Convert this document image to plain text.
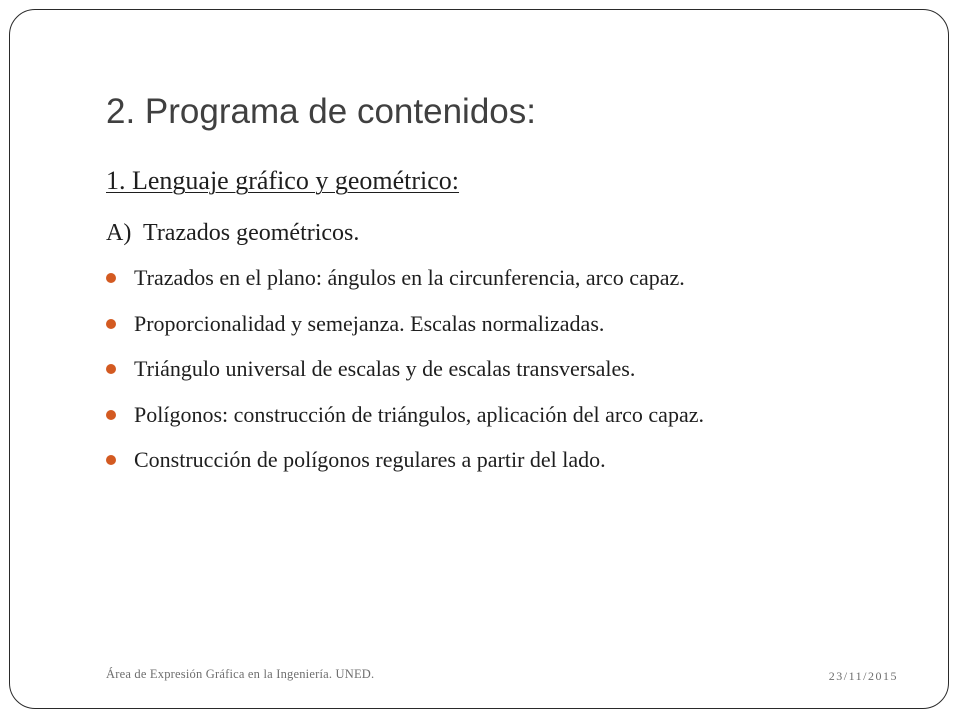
2. Programa de contenidos:
1. Lenguaje gráfico y geométrico:
A) Trazados geométricos.
Trazados en el plano: ángulos en la circunferencia, arco capaz.
Proporcionalidad y semejanza. Escalas normalizadas.
Triángulo universal de escalas y de escalas transversales.
Polígonos: construcción de triángulos, aplicación del arco capaz.
Construcción de polígonos regulares a partir del lado.
Área de Expresión Gráfica en la Ingeniería. UNED.	23/11/2015
